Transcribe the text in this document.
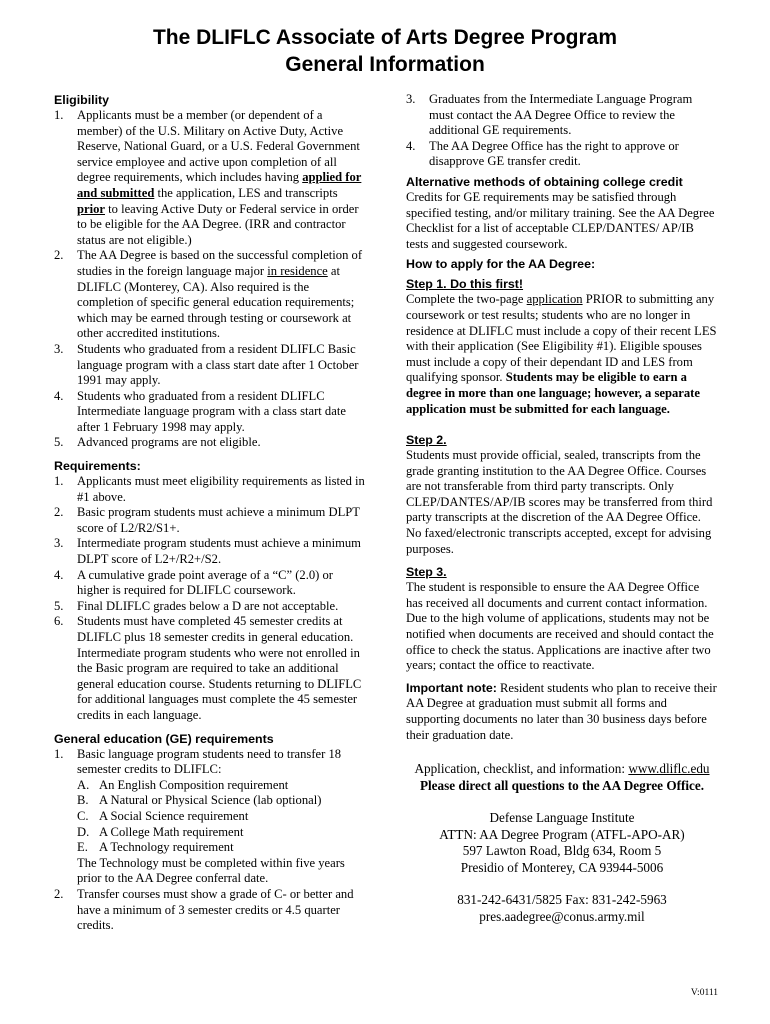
The DLIFLC Associate of Arts Degree Program
General Information
Eligibility
1. Applicants must be a member (or dependent of a member) of the U.S. Military on Active Duty, Active Reserve, National Guard, or a U.S. Federal Government service employee and active upon completion of all degree requirements, which includes having applied for and submitted the application, LES and transcripts prior to leaving Active Duty or Federal service in order to be eligible for the AA Degree. (IRR and contractor status are not eligible.)
2. The AA Degree is based on the successful completion of studies in the foreign language major in residence at DLIFLC (Monterey, CA). Also required is the completion of specific general education requirements; which may be earned through testing or coursework at other accredited institutions.
3. Students who graduated from a resident DLIFLC Basic language program with a class start date after 1 October 1991 may apply.
4. Students who graduated from a resident DLIFLC Intermediate language program with a class start date after 1 February 1998 may apply.
5. Advanced programs are not eligible.
Requirements:
1. Applicants must meet eligibility requirements as listed in #1 above.
2. Basic program students must achieve a minimum DLPT score of L2/R2/S1+.
3. Intermediate program students must achieve a minimum DLPT score of L2+/R2+/S2.
4. A cumulative grade point average of a “C” (2.0) or higher is required for DLIFLC coursework.
5. Final DLIFLC grades below a D are not acceptable.
6. Students must have completed 45 semester credits at DLIFLC plus 18 semester credits in general education. Intermediate program students who were not enrolled in the Basic program are required to take an additional general education course. Students returning to DLIFLC for additional languages must complete the 45 semester credits in each language.
General education (GE) requirements
1. Basic language program students need to transfer 18 semester credits to DLIFLC:
A. An English Composition requirement
B. A Natural or Physical Science (lab optional)
C. A Social Science requirement
D. A College Math requirement
E. A Technology requirement
The Technology must be completed within five years prior to the AA Degree conferral date.
2. Transfer courses must show a grade of C- or better and have a minimum of 3 semester credits or 4.5 quarter credits.
3. Graduates from the Intermediate Language Program must contact the AA Degree Office to review the additional GE requirements.
4. The AA Degree Office has the right to approve or disapprove GE transfer credit.
Alternative methods of obtaining college credit
Credits for GE requirements may be satisfied through specified testing, and/or military training. See the AA Degree Checklist for a list of acceptable CLEP/DANTES/ AP/IB tests and suggested coursework.
How to apply for the AA Degree:
Step 1. Do this first!
Complete the two-page application PRIOR to submitting any coursework or test results; students who are no longer in residence at DLIFLC must include a copy of their recent LES with their application (See Eligibility #1). Eligible spouses must include a copy of their dependant ID and LES from qualifying sponsor. Students may be eligible to earn a degree in more than one language; however, a separate application must be submitted for each language.
Step 2.
Students must provide official, sealed, transcripts from the grade granting institution to the AA Degree Office. Courses are not transferable from third party transcripts. Only CLEP/DANTES/AP/IB scores may be transferred from third party transcripts at the discretion of the AA Degree Office. No faxed/electronic transcripts accepted, except for advising purposes.
Step 3.
The student is responsible to ensure the AA Degree Office has received all documents and current contact information. Due to the high volume of applications, students may not be notified when documents are received and should contact the office to check the status. Applications are inactive after two years; contact the office to reactivate.
Important note: Resident students who plan to receive their AA Degree at graduation must submit all forms and supporting documents no later than 30 business days before their graduation date.
Application, checklist, and information: www.dliflc.edu
Please direct all questions to the AA Degree Office.
Defense Language Institute
ATTN: AA Degree Program (ATFL-APO-AR)
597 Lawton Road, Bldg 634, Room 5
Presidio of Monterey, CA 93944-5006
831-242-6431/5825 Fax: 831-242-5963
pres.aadegree@conus.army.mil
V:0111
